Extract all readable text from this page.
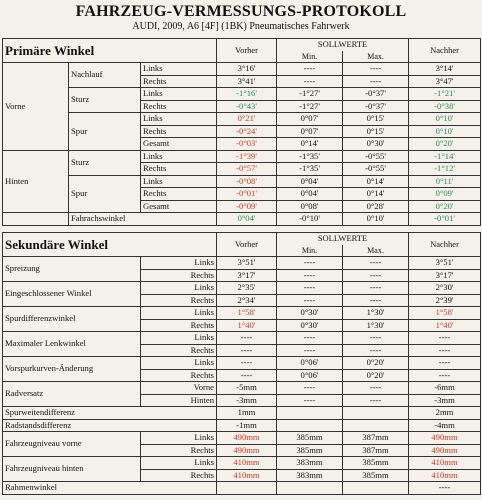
FAHRZEUG-VERMESSUNGS-PROTOKOLL
AUDI, 2009, A6 [4F] (1BK) Pneumatisches Fahrwerk
Primäre Winkel			Vorher	SOLLWERTE		Nachher
				Min.	Max.	
Vorne	Nachlauf	Links	3°16'	----	----	3°14'
		Rechts	3°41'	----	----	3°47'
	Sturz	Links	-1°16'	-1°27'	-0°37'	-1°21'
		Rechts	-0°43'	-1°27'	-0°37'	-0°38'
	Spur	Links	0°21'	0°07'	0°15'	0°10'
		Rechts	-0°24'	0°07'	0°15'	0°10'
		Gesamt	-0°03'	0°14'	0°30'	0°20'
Hinten	Sturz	Links	-1°39'	-1°35'	-0°55'	-1°14'
		Rechts	-0°57'	-1°35'	-0°55'	-1°12'
	Spur	Links	-0°08'	0°04'	0°14'	0°11'
		Rechts	-0°01'	0°04'	0°14'	0°09'
		Gesamt	-0°09'	0°08'	0°28'	0°20'
	Fahrachswinkel		0°04'	-0°10'	0°10'	-0°01'
Sekundäre Winkel		Vorher	SOLLWERTE		Nachher
			Min.	Max.	
Spreizung	Links	3°51'	----	----	3°51'
	Rechts	3°17'	----	----	3°17'
Eingeschlossener Winkel	Links	2°35'	----	----	2°30'
	Rechts	2°34'	----	----	2°39'
Spurdifferenzwinkel	Links	1°58'	0°30'	1°30'	1°58'
	Rechts	1°40'	0°30'	1°30'	1°40'
Maximaler Lenkwinkel	Links	----	----	----	----
	Rechts	----	----	----	----
Vorspurkurven-Änderung	Links	----	0°06'	0°20'	----
	Rechts	----	0°06'	0°20'	----
Radversatz	Vorne	-5mm	----	----	-6mm
	Hinten	-3mm	----	----	-3mm
Spurweitendifferenz		1mm			2mm
Radstandsdifferenz		-1mm			-4mm
Fahrzeugniveau vorne	Links	490mm	385mm	387mm	490mm
	Rechts	490mm	385mm	387mm	490mm
Fahrzeugniveau hinten	Links	410mm	383mm	385mm	410mm
	Rechts	410mm	383mm	385mm	410mm
Rahmenwinkel					----
